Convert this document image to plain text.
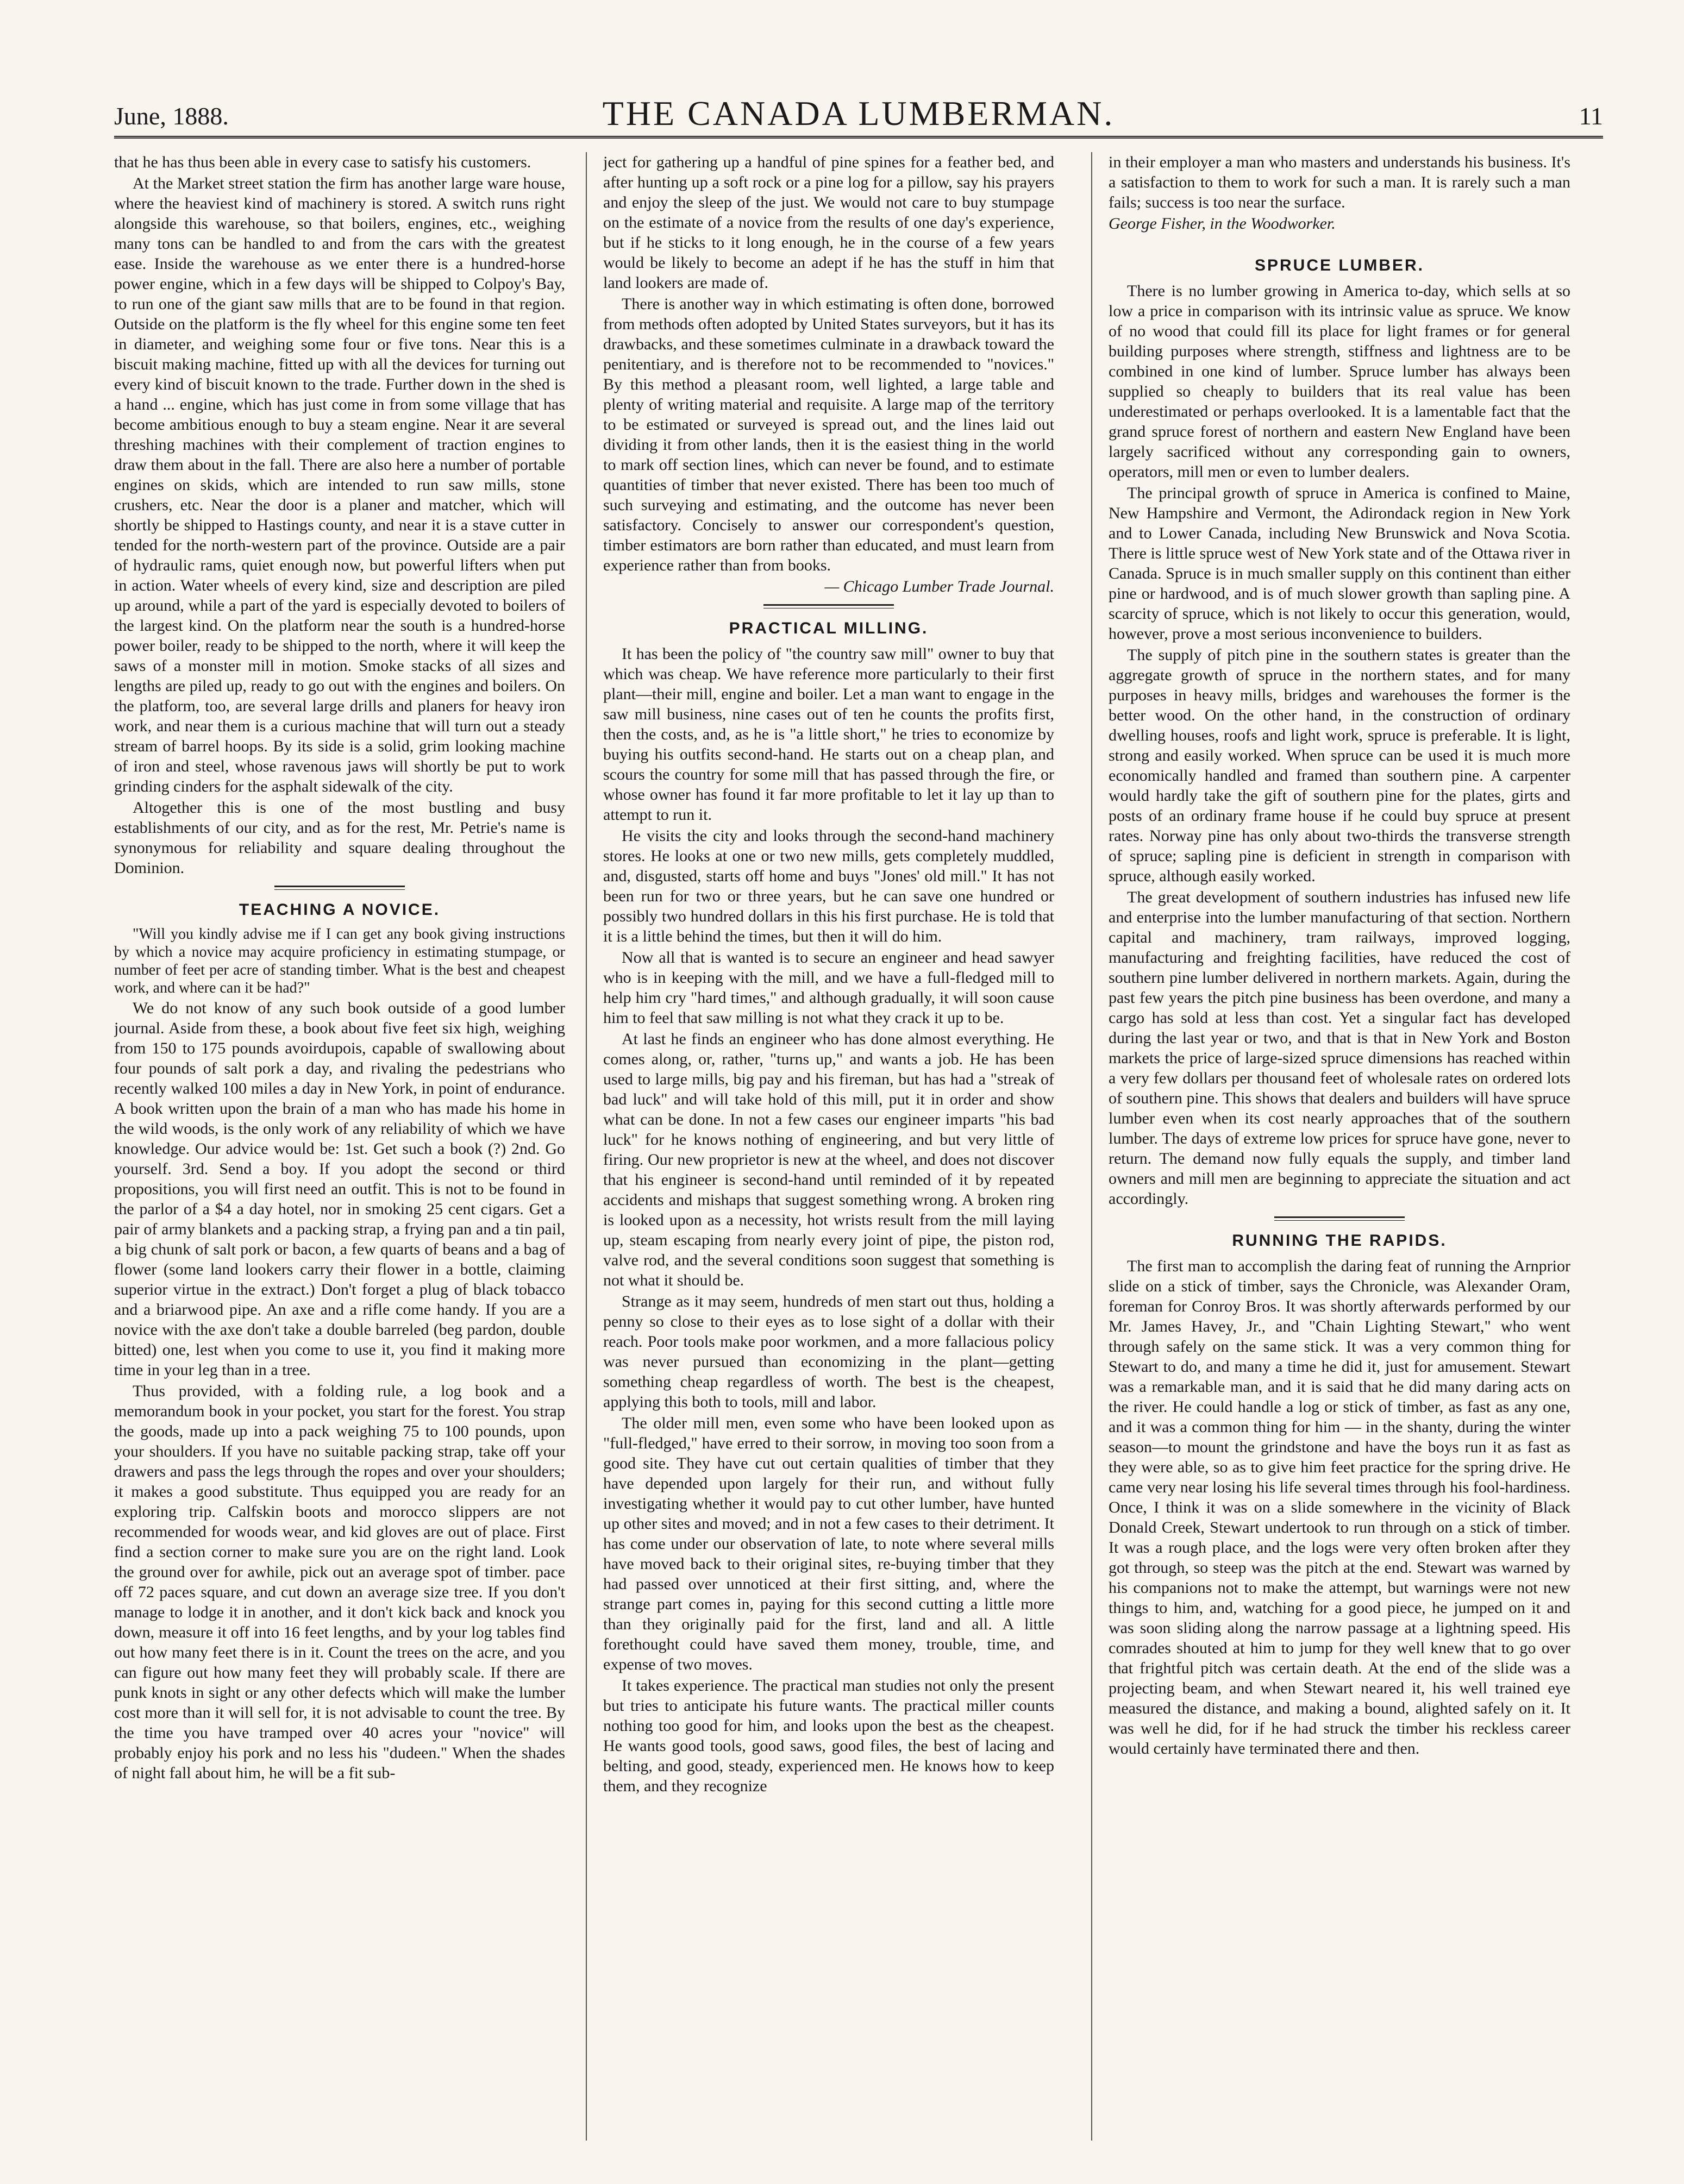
June, 1888.	THE CANADA LUMBERMAN.	11

that he has thus been able in every case to satisfy his customers.

At the Market street station the firm has another large ware house, where the heaviest kind of machinery is stored. A switch runs right alongside this warehouse, so that boilers, engines, etc., weighing many tons can be handled to and from the cars with the greatest ease. Inside the warehouse as we enter there is a hundred-horse power engine, which in a few days will be shipped to Colpoy's Bay, to run one of the giant saw mills that are to be found in that region. Outside on the platform is the fly wheel for this engine some ten feet in diameter, and weighing some four or five tons. Near this is a biscuit making machine, fitted up with all the devices for turning out every kind of biscuit known to the trade. Further down in the shed is a hand ... engine, which has just come in from some village that has become ambitious enough to buy a steam engine. Near it are several threshing machines with their complement of traction engines to draw them about in the fall. There are also here a number of portable engines on skids, which are intended to run saw mills, stone crushers, etc. Near the door is a planer and matcher, which will shortly be shipped to Hastings county, and near it is a stave cutter in tended for the north-western part of the province. Outside are a pair of hydraulic rams, quiet enough now, but powerful lifters when put in action. Water wheels of every kind, size and description are piled up around, while a part of the yard is especially devoted to boilers of the largest kind. On the platform near the south is a hundred-horse power boiler, ready to be shipped to the north, where it will keep the saws of a monster mill in motion. Smoke stacks of all sizes and lengths are piled up, ready to go out with the engines and boilers. On the platform, too, are several large drills and planers for heavy iron work, and near them is a curious machine that will turn out a steady stream of barrel hoops. By its side is a solid, grim looking machine of iron and steel, whose ravenous jaws will shortly be put to work grinding cinders for the asphalt sidewalk of the city.

Altogether this is one of the most bustling and busy establishments of our city, and as for the rest, Mr. Petrie's name is synonymous for reliability and square dealing throughout the Dominion.

TEACHING A NOVICE.

"Will you kindly advise me if I can get any book giving instructions by which a novice may acquire proficiency in estimating stumpage, or number of feet per acre of standing timber. What is the best and cheapest work, and where can it be had?"

We do not know of any such book outside of a good lumber journal. Aside from these, a book about five feet six high, weighing from 150 to 175 pounds avoirdupois, capable of swallowing about four pounds of salt pork a day, and rivaling the pedestrians who recently walked 100 miles a day in New York, in point of endurance. A book written upon the brain of a man who has made his home in the wild woods, is the only work of any reliability of which we have knowledge. Our advice would be: 1st. Get such a book (?) 2nd. Go yourself. 3rd. Send a boy. If you adopt the second or third propositions, you will first need an outfit. This is not to be found in the parlor of a $4 a day hotel, nor in smoking 25 cent cigars. Get a pair of army blankets and a packing strap, a frying pan and a tin pail, a big chunk of salt pork or bacon, a few quarts of beans and a bag of flower (some land lookers carry their flower in a bottle, claiming superior virtue in the extract.) Don't forget a plug of black tobacco and a briarwood pipe. An axe and a rifle come handy. If you are a novice with the axe don't take a double barreled (beg pardon, double bitted) one, lest when you come to use it, you find it making more time in your leg than in a tree.

Thus provided, with a folding rule, a log book and a memorandum book in your pocket, you start for the forest. You strap the goods, made up into a pack weighing 75 to 100 pounds, upon your shoulders. If you have no suitable packing strap, take off your drawers and pass the legs through the ropes and over your shoulders; it makes a good substitute. Thus equipped you are ready for an exploring trip. Calfskin boots and morocco slippers are not recommended for woods wear, and kid gloves are out of place. First find a section corner to make sure you are on the right land. Look the ground over for awhile, pick out an average spot of timber. pace off 72 paces square, and cut down an average size tree. If you don't manage to lodge it in another, and it don't kick back and knock you down, measure it off into 16 feet lengths, and by your log tables find out how many feet there is in it. Count the trees on the acre, and you can figure out how many feet they will probably scale. If there are punk knots in sight or any other defects which will make the lumber cost more than it will sell for, it is not advisable to count the tree. By the time you have tramped over 40 acres your "novice" will probably enjoy his pork and no less his "dudeen." When the shades of night fall about him, he will be a fit sub-

ject for gathering up a handful of pine spines for a feather bed, and after hunting up a soft rock or a pine log for a pillow, say his prayers and enjoy the sleep of the just. We would not care to buy stumpage on the estimate of a novice from the results of one day's experience, but if he sticks to it long enough, he in the course of a few years would be likely to become an adept if he has the stuff in him that land lookers are made of.

There is another way in which estimating is often done, borrowed from methods often adopted by United States surveyors, but it has its drawbacks, and these sometimes culminate in a drawback toward the penitentiary, and is therefore not to be recommended to "novices." By this method a pleasant room, well lighted, a large table and plenty of writing material and requisite. A large map of the territory to be estimated or surveyed is spread out, and the lines laid out dividing it from other lands, then it is the easiest thing in the world to mark off section lines, which can never be found, and to estimate quantities of timber that never existed. There has been too much of such surveying and estimating, and the outcome has never been satisfactory. Concisely to answer our correspondent's question, timber estimators are born rather than educated, and must learn from experience rather than from books.

— Chicago Lumber Trade Journal.

PRACTICAL MILLING.

It has been the policy of "the country saw mill" owner to buy that which was cheap. We have reference more particularly to their first plant—their mill, engine and boiler. Let a man want to engage in the saw mill business, nine cases out of ten he counts the profits first, then the costs, and, as he is "a little short," he tries to economize by buying his outfits second-hand. He starts out on a cheap plan, and scours the country for some mill that has passed through the fire, or whose owner has found it far more profitable to let it lay up than to attempt to run it.

He visits the city and looks through the second-hand machinery stores. He looks at one or two new mills, gets completely muddled, and, disgusted, starts off home and buys "Jones' old mill." It has not been run for two or three years, but he can save one hundred or possibly two hundred dollars in this his first purchase. He is told that it is a little behind the times, but then it will do him.

Now all that is wanted is to secure an engineer and head sawyer who is in keeping with the mill, and we have a full-fledged mill to help him cry "hard times," and although gradually, it will soon cause him to feel that saw milling is not what they crack it up to be.

At last he finds an engineer who has done almost everything. He comes along, or, rather, "turns up," and wants a job. He has been used to large mills, big pay and his fireman, but has had a "streak of bad luck" and will take hold of this mill, put it in order and show what can be done. In not a few cases our engineer imparts "his bad luck" for he knows nothing of engineering, and but very little of firing. Our new proprietor is new at the wheel, and does not discover that his engineer is second-hand until reminded of it by repeated accidents and mishaps that suggest something wrong. A broken ring is looked upon as a necessity, hot wrists result from the mill laying up, steam escaping from nearly every joint of pipe, the piston rod, valve rod, and the several conditions soon suggest that something is not what it should be.

Strange as it may seem, hundreds of men start out thus, holding a penny so close to their eyes as to lose sight of a dollar with their reach. Poor tools make poor workmen, and a more fallacious policy was never pursued than economizing in the plant—getting something cheap regardless of worth. The best is the cheapest, applying this both to tools, mill and labor.

The older mill men, even some who have been looked upon as "full-fledged," have erred to their sorrow, in moving too soon from a good site. They have cut out certain qualities of timber that they have depended upon largely for their run, and without fully investigating whether it would pay to cut other lumber, have hunted up other sites and moved; and in not a few cases to their detriment. It has come under our observation of late, to note where several mills have moved back to their original sites, re-buying timber that they had passed over unnoticed at their first sitting, and, where the strange part comes in, paying for this second cutting a little more than they originally paid for the first, land and all. A little forethought could have saved them money, trouble, time, and expense of two moves.

It takes experience. The practical man studies not only the present but tries to anticipate his future wants. The practical miller counts nothing too good for him, and looks upon the best as the cheapest. He wants good tools, good saws, good files, the best of lacing and belting, and good, steady, experienced men. He knows how to keep them, and they recognize

in their employer a man who masters and understands his business. It's a satisfaction to them to work for such a man. It is rarely such a man fails; success is too near the surface.

George Fisher, in the Woodworker.

SPRUCE LUMBER.

There is no lumber growing in America to-day, which sells at so low a price in comparison with its intrinsic value as spruce. We know of no wood that could fill its place for light frames or for general building purposes where strength, stiffness and lightness are to be combined in one kind of lumber. Spruce lumber has always been supplied so cheaply to builders that its real value has been underestimated or perhaps overlooked. It is a lamentable fact that the grand spruce forest of northern and eastern New England have been largely sacrificed without any corresponding gain to owners, operators, mill men or even to lumber dealers.

The principal growth of spruce in America is confined to Maine, New Hampshire and Vermont, the Adirondack region in New York and to Lower Canada, including New Brunswick and Nova Scotia. There is little spruce west of New York state and of the Ottawa river in Canada. Spruce is in much smaller supply on this continent than either pine or hardwood, and is of much slower growth than sapling pine. A scarcity of spruce, which is not likely to occur this generation, would, however, prove a most serious inconvenience to builders.

The supply of pitch pine in the southern states is greater than the aggregate growth of spruce in the northern states, and for many purposes in heavy mills, bridges and warehouses the former is the better wood. On the other hand, in the construction of ordinary dwelling houses, roofs and light work, spruce is preferable. It is light, strong and easily worked. When spruce can be used it is much more economically handled and framed than southern pine. A carpenter would hardly take the gift of southern pine for the plates, girts and posts of an ordinary frame house if he could buy spruce at present rates. Norway pine has only about two-thirds the transverse strength of spruce; sapling pine is deficient in strength in comparison with spruce, although easily worked.

The great development of southern industries has infused new life and enterprise into the lumber manufacturing of that section. Northern capital and machinery, tram railways, improved logging, manufacturing and freighting facilities, have reduced the cost of southern pine lumber delivered in northern markets. Again, during the past few years the pitch pine business has been overdone, and many a cargo has sold at less than cost. Yet a singular fact has developed during the last year or two, and that is that in New York and Boston markets the price of large-sized spruce dimensions has reached within a very few dollars per thousand feet of wholesale rates on ordered lots of southern pine. This shows that dealers and builders will have spruce lumber even when its cost nearly approaches that of the southern lumber. The days of extreme low prices for spruce have gone, never to return. The demand now fully equals the supply, and timber land owners and mill men are beginning to appreciate the situation and act accordingly.

RUNNING THE RAPIDS.

The first man to accomplish the daring feat of running the Arnprior slide on a stick of timber, says the Chronicle, was Alexander Oram, foreman for Conroy Bros. It was shortly afterwards performed by our Mr. James Havey, Jr., and "Chain Lighting Stewart," who went through safely on the same stick. It was a very common thing for Stewart to do, and many a time he did it, just for amusement. Stewart was a remarkable man, and it is said that he did many daring acts on the river. He could handle a log or stick of timber, as fast as any one, and it was a common thing for him — in the shanty, during the winter season—to mount the grindstone and have the boys run it as fast as they were able, so as to give him feet practice for the spring drive. He came very near losing his life several times through his fool-hardiness. Once, I think it was on a slide somewhere in the vicinity of Black Donald Creek, Stewart undertook to run through on a stick of timber. It was a rough place, and the logs were very often broken after they got through, so steep was the pitch at the end. Stewart was warned by his companions not to make the attempt, but warnings were not new things to him, and, watching for a good piece, he jumped on it and was soon sliding along the narrow passage at a lightning speed. His comrades shouted at him to jump for they well knew that to go over that frightful pitch was certain death. At the end of the slide was a projecting beam, and when Stewart neared it, his well trained eye measured the distance, and making a bound, alighted safely on it. It was well he did, for if he had struck the timber his reckless career would certainly have terminated there and then.
